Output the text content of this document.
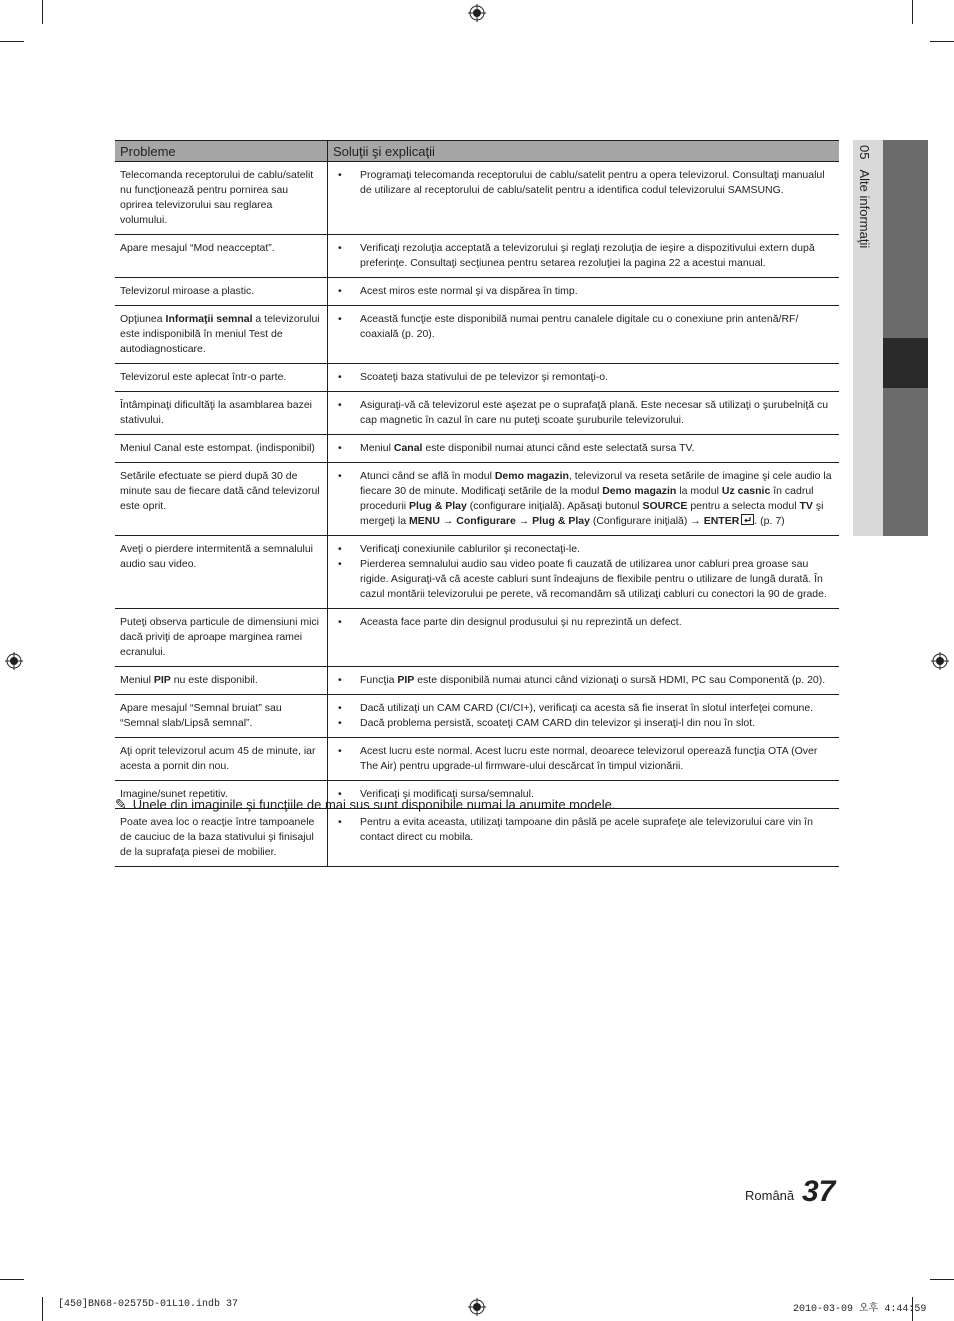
05Alte informaţii
Probleme	Soluţii şi explicaţii
Telecomanda receptorului de cablu/satelit nu funcţionează pentru pornirea sau oprirea televizorului sau reglarea volumului.	• Programaţi telecomanda receptorului de cablu/satelit pentru a opera televizorul. Consultaţi manualul de utilizare al receptorului de cablu/satelit pentru a identifica codul televizorului SAMSUNG.

Apare mesajul “Mod neacceptat”.	• Verificaţi rezoluţia acceptată a televizorului şi reglaţi rezoluţia de ieşire a dispozitivului extern după preferinţe. Consultaţi secţiunea pentru setarea rezoluţiei la pagina 22 a acestui manual.

Televizorul miroase a plastic.	• Acest miros este normal şi va dispărea în timp.

Opţiunea Informaţii semnal a televizorului este indisponibilă în meniul Test de autodiagnosticare.	• Această funcţie este disponibilă numai pentru canalele digitale cu o conexiune prin antenă/RF/ coaxială (p. 20).

Televizorul este aplecat într-o parte.	• Scoateţi baza stativului de pe televizor şi remontaţi-o.

Întâmpinaţi dificultăţi la asamblarea bazei stativului.	• Asiguraţi-vă că televizorul este aşezat pe o suprafaţă plană. Este necesar să utilizaţi o şurubelniţă cu cap magnetic în cazul în care nu puteţi scoate şuruburile televizorului.

Meniul Canal este estompat. (indisponibil)	• Meniul Canal este disponibil numai atunci când este selectată sursa TV.

Setările efectuate se pierd după 30 de minute sau de fiecare dată când televizorul este oprit.	• Atunci când se află în modul Demo magazin, televizorul va reseta setările de imagine şi cele audio la fiecare 30 de minute. Modificaţi setările de la modul Demo magazin la modul Uz casnic în cadrul procedurii Plug & Play (configurare iniţială). Apăsaţi butonul SOURCE pentru a selecta modul TV şi mergeţi la MENU → Configurare → Plug & Play (Configurare iniţială) → ENTER . (p. 7)

Aveţi o pierdere intermitentă a semnalului audio sau video.	• Verificaţi conexiunile cablurilor şi reconectaţi-le.
• Pierderea semnalului audio sau video poate fi cauzată de utilizarea unor cabluri prea groase sau rigide. Asiguraţi-vă că aceste cabluri sunt îndeajuns de flexibile pentru o utilizare de lungă durată. În cazul montării televizorului pe perete, vă recomandăm să utilizaţi cabluri cu conectori la 90 de grade.

Puteţi observa particule de dimensiuni mici dacă priviţi de aproape marginea ramei ecranului.	• Aceasta face parte din designul produsului şi nu reprezintă un defect.

Meniul PIP nu este disponibil.	• Funcţia PIP este disponibilă numai atunci când vizionaţi o sursă HDMI, PC sau Componentă (p. 20).

Apare mesajul “Semnal bruiat” sau “Semnal slab/Lipsă semnal”.	• Dacă utilizaţi un CAM CARD (CI/CI+), verificaţi ca acesta să fie inserat în slotul interfeţei comune.
• Dacă problema persistă, scoateţi CAM CARD din televizor şi inseraţi-l din nou în slot.

Aţi oprit televizorul acum 45 de minute, iar acesta a pornit din nou.	• Acest lucru este normal. Acest lucru este normal, deoarece televizorul operează funcţia OTA (Over The Air) pentru upgrade-ul firmware-ului descărcat în timpul vizionării.

Imagine/sunet repetitiv.	• Verificaţi şi modificaţi sursa/semnalul.

Poate avea loc o reacţie între tampoanele de cauciuc de la baza stativului şi finisajul de la suprafaţa piesei de mobilier.	• Pentru a evita aceasta, utilizaţi tampoane din pâslă pe acele suprafeţe ale televizorului care vin în contact direct cu mobila.
✎ Unele din imaginile şi funcţiile de mai sus sunt disponibile numai la anumite modele.
Română 37
[450]BN68-02575D-01L10.indb 37	2010-03-09 오후 4:44:59
